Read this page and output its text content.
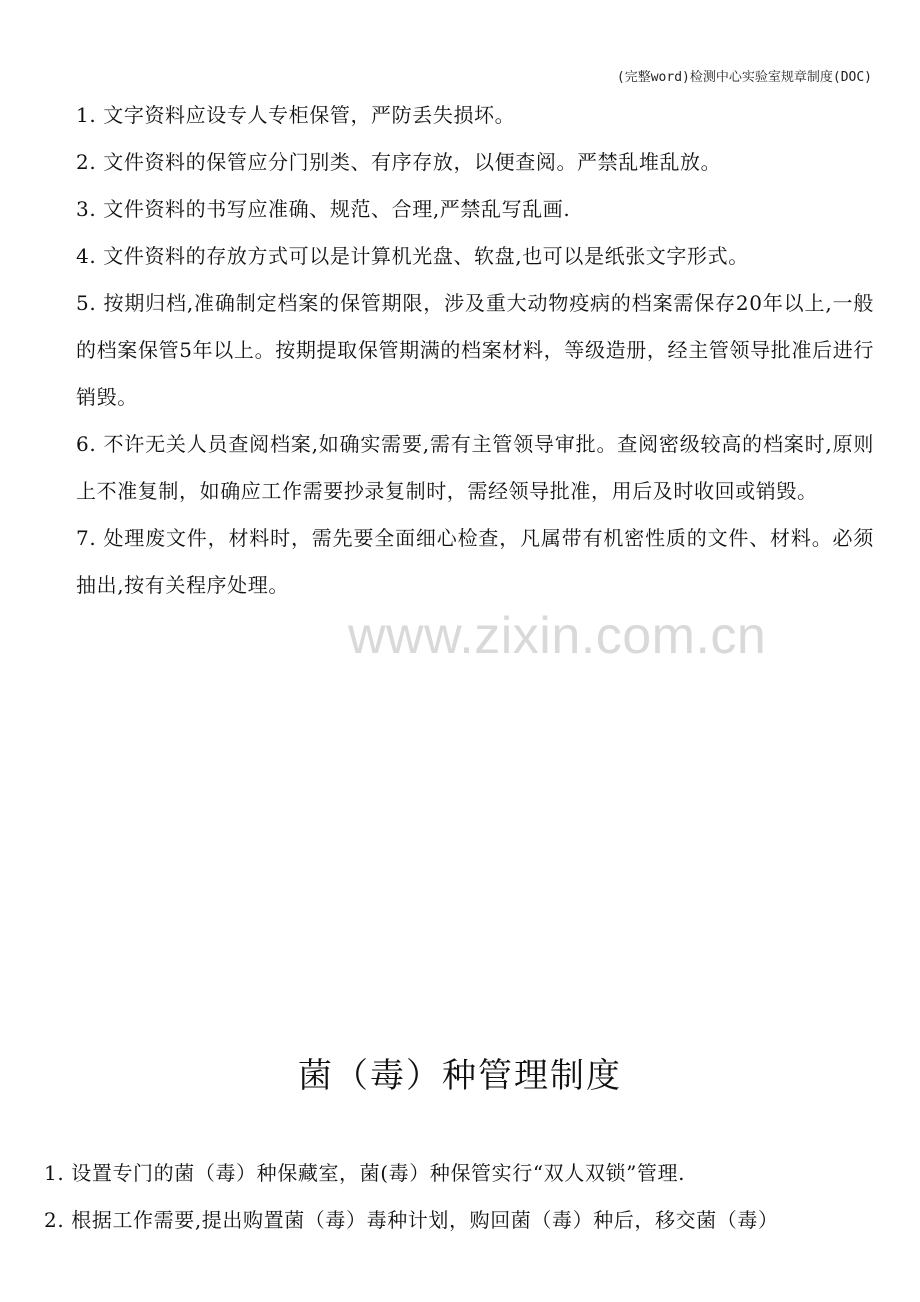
(完整word)检测中心实验室规章制度(DOC)
www.zixin.com.cn

1. 文字资料应设专人专柜保管，严防丢失损坏。

2. 文件资料的保管应分门别类、有序存放，以便查阅。严禁乱堆乱放。

3. 文件资料的书写应准确、规范、合理,严禁乱写乱画.

4. 文件资料的存放方式可以是计算机光盘、软盘,也可以是纸张文字形式。

5. 按期归档,准确制定档案的保管期限，涉及重大动物疫病的档案需保存20年以上,一般的档案保管5年以上。按期提取保管期满的档案材料，等级造册，经主管领导批准后进行销毁。

6. 不许无关人员查阅档案,如确实需要,需有主管领导审批。查阅密级较高的档案时,原则上不准复制，如确应工作需要抄录复制时，需经领导批准，用后及时收回或销毁。

7. 处理废文件，材料时，需先要全面细心检查，凡属带有机密性质的文件、材料。必须抽出,按有关程序处理。

菌（毒）种管理制度

1. 设置专门的菌（毒）种保藏室，菌(毒）种保管实行“双人双锁”管理.

2. 根据工作需要,提出购置菌（毒）毒种计划，购回菌（毒）种后，移交菌（毒）
